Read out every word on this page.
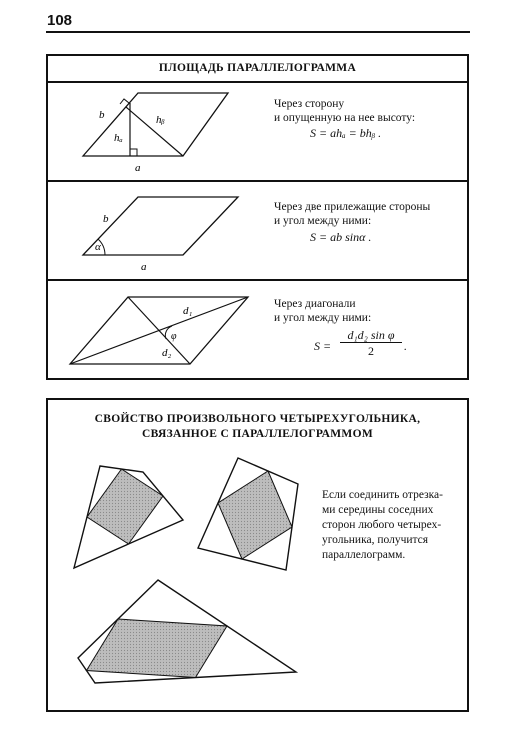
108
ПЛОЩАДЬ ПАРАЛЛЕЛОГРАММА
b	hᵦ
hₐ
a
Через сторону
и опущенную на нее высоту:
S = ahₐ = bhᵦ .
b
α
a
Через две прилежащие стороны
и угол между ними:
S = ab sinα .
d₁
φ
d₂
Через диагонали
и угол между ними:
S =
d₁d₂ sin φ
2	.
СВОЙСТВО ПРОИЗВОЛЬНОГО ЧЕТЫРЕХУГОЛЬНИКА,
СВЯЗАННОЕ С ПАРАЛЛЕЛОГРАММОМ
Если соединить отрезка-
ми середины соседних
сторон любого четырех-
угольника, получится
параллелограмм.
